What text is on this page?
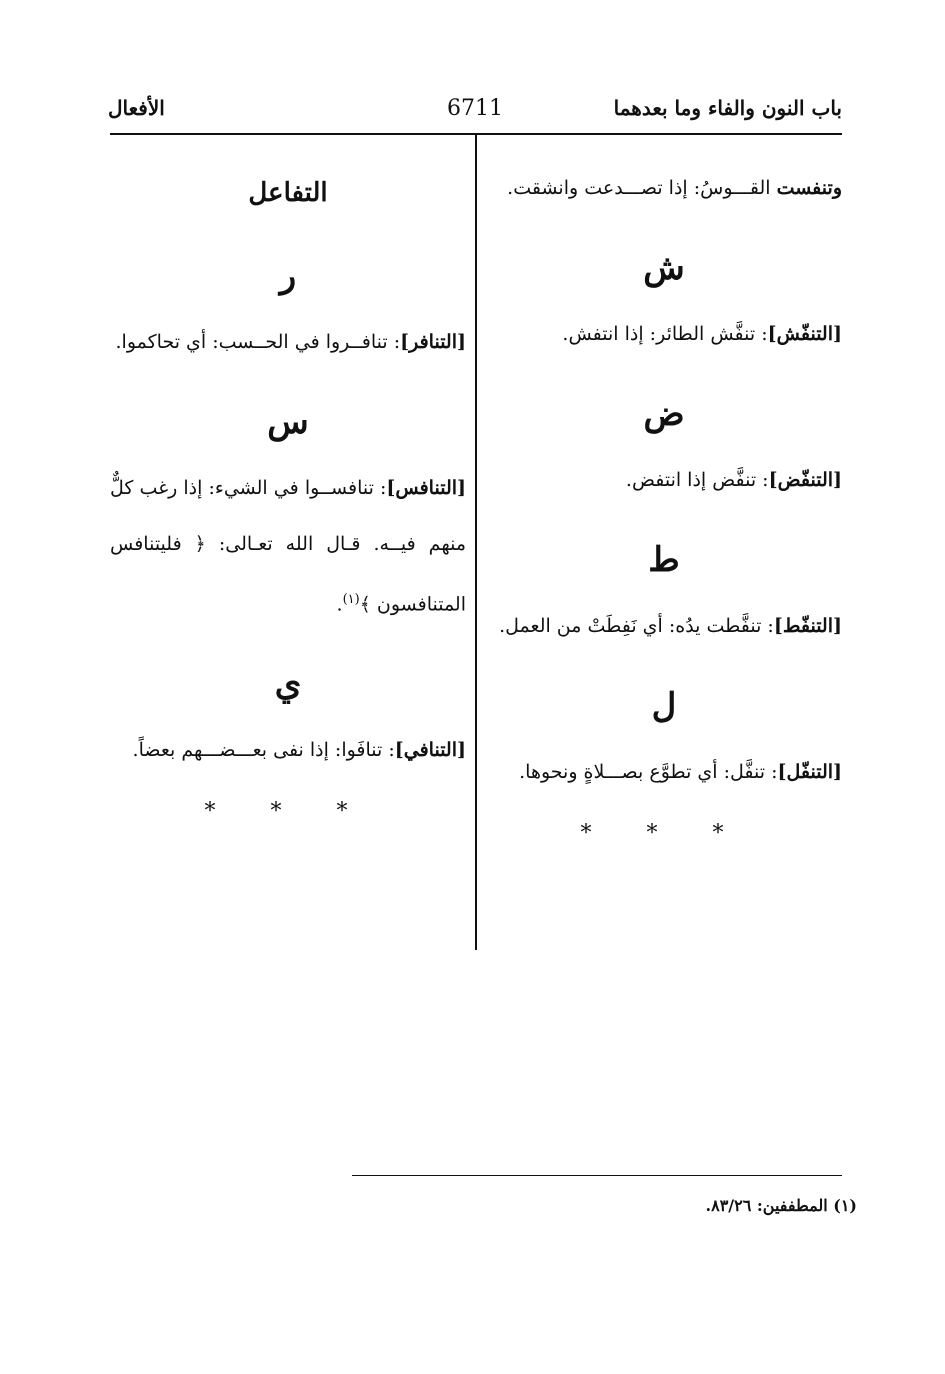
باب النون والفاء وما بعدهما
6711
الأفعال

وتنفست القـــوسُ: إذا تصـــدعت وانشقت.

ش

[التنفّش]: تنفَّش الطائر: إذا انتفش.

ض

[التنفّض]: تنفَّض إذا انتفض.

ط

[التنفّط]: تنفَّطت يدُه: أي نَفِطَتْ من العمل.

ل

[التنفّل]: تنفَّل: أي تطوَّع بصـــلاةٍ ونحوها.

* * *
التفاعل
ر

[التنافر]: تنافــروا في الحــسب: أي تحاكموا.

س

[التنافس]: تنافســوا في الشيء: إذا رغب كلٌّ منهم فيــه. قـال الله تعـالى: ﴿ فليتنافس المتنافسون ﴾$^{(١)}$.

ي

[التنافي]: تنافَوا: إذا نفى بعـــضـــهم بعضاً.

* * *
(١) المطففين: ٨٣/٢٦.
